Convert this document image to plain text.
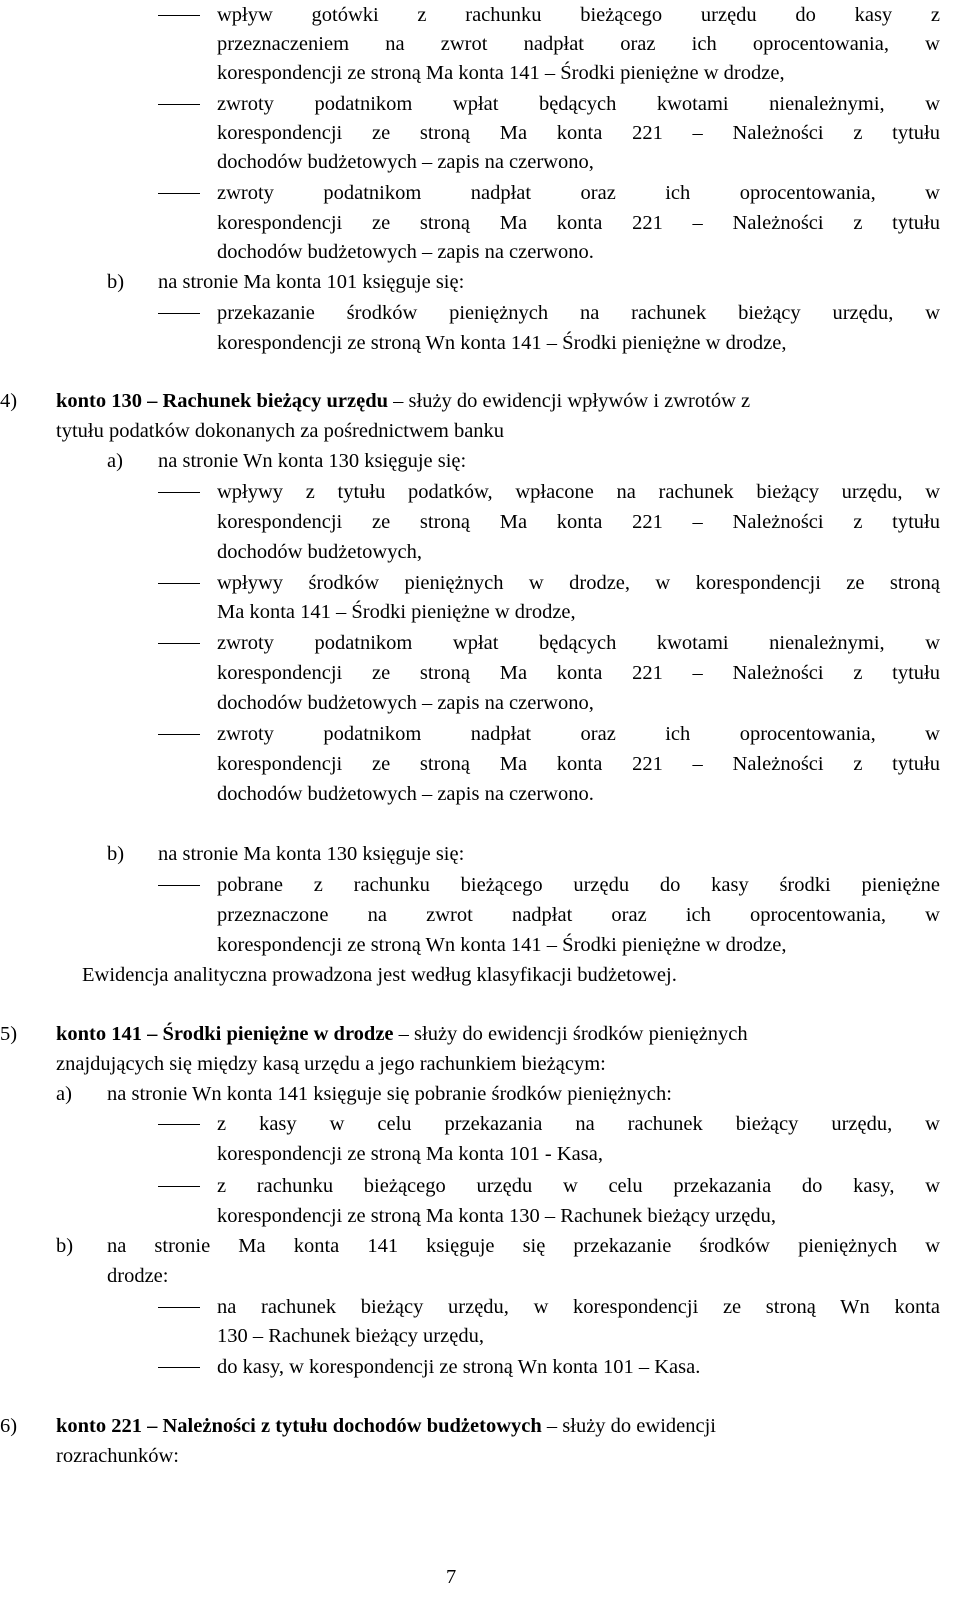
wpływ gotówki z rachunku bieżącego urzędu do kasy z
przeznaczeniem na zwrot nadpłat oraz ich oprocentowania, w
korespondencji ze stroną Ma konta 141 – Środki pieniężne w drodze,
zwroty podatnikom wpłat będących kwotami nienależnymi, w
korespondencji ze stroną Ma konta 221 – Należności z tytułu
dochodów budżetowych – zapis na czerwono,
zwroty podatnikom nadpłat oraz ich oprocentowania, w
korespondencji ze stroną Ma konta 221 – Należności z tytułu
dochodów budżetowych – zapis na czerwono.
b) na stronie Ma konta 101 księguje się:
przekazanie środków pieniężnych na rachunek bieżący urzędu, w
korespondencji ze stroną Wn konta 141 – Środki pieniężne w drodze,
4) konto 130 – Rachunek bieżący urzędu – służy do ewidencji wpływów i zwrotów z
tytułu podatków dokonanych za pośrednictwem banku
a) na stronie Wn konta 130 księguje się:
wpływy z tytułu podatków, wpłacone na rachunek bieżący urzędu, w
korespondencji ze stroną Ma konta 221 – Należności z tytułu
dochodów budżetowych,
wpływy środków pieniężnych w drodze, w korespondencji ze stroną
Ma konta 141 – Środki pieniężne w drodze,
zwroty podatnikom wpłat będących kwotami nienależnymi, w
korespondencji ze stroną Ma konta 221 – Należności z tytułu
dochodów budżetowych – zapis na czerwono,
zwroty podatnikom nadpłat oraz ich oprocentowania, w
korespondencji ze stroną Ma konta 221 – Należności z tytułu
dochodów budżetowych – zapis na czerwono.
b) na stronie Ma konta 130 księguje się:
pobrane z rachunku bieżącego urzędu do kasy środki pieniężne
przeznaczone na zwrot nadpłat oraz ich oprocentowania, w
korespondencji ze stroną Wn konta 141 – Środki pieniężne w drodze,
Ewidencja analityczna prowadzona jest według klasyfikacji budżetowej.
5) konto 141 – Środki pieniężne w drodze – służy do ewidencji środków pieniężnych
znajdujących się między kasą urzędu a jego rachunkiem bieżącym:
a) na stronie Wn konta 141 księguje się pobranie środków pieniężnych:
z kasy w celu przekazania na rachunek bieżący urzędu, w
korespondencji ze stroną Ma konta 101 - Kasa,
z rachunku bieżącego urzędu w celu przekazania do kasy, w
korespondencji ze stroną Ma konta 130 – Rachunek bieżący urzędu,
b) na stronie Ma konta 141 księguje się przekazanie środków pieniężnych w
drodze:
na rachunek bieżący urzędu, w korespondencji ze stroną Wn konta
130 – Rachunek bieżący urzędu,
do kasy, w korespondencji ze stroną Wn konta 101 – Kasa.
6) konto 221 – Należności z tytułu dochodów budżetowych – służy do ewidencji
rozrachunków:
7
